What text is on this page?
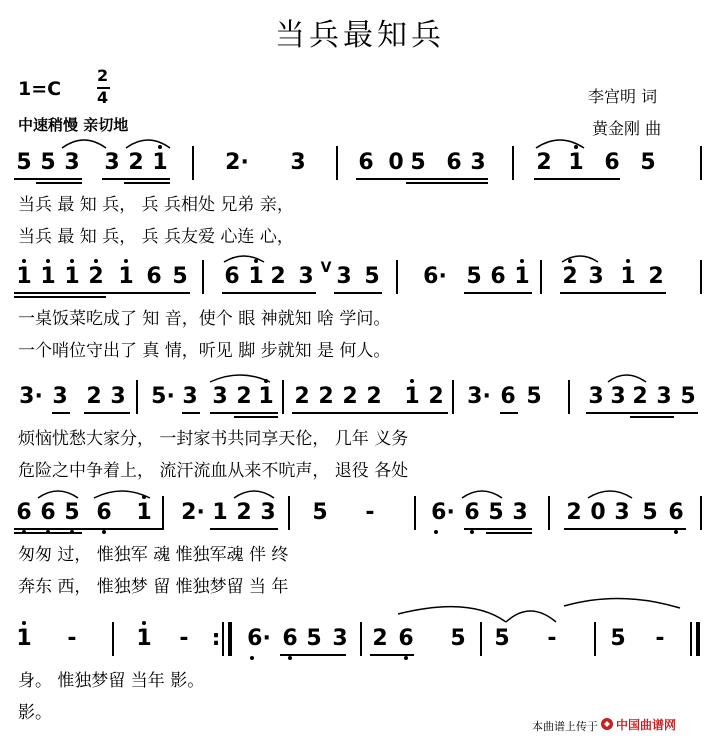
当兵最知兵
1=C
2
4
中速稍慢 亲切地
李宫明 词
黄金刚 曲
5 5 3 3 2 1	2· 3 6 0 5 6 3 2 1 6 5
当兵 最 知 兵， 兵 兵相处 兄弟 亲，
当兵 最 知 兵， 兵 兵友爱 心连 心，
1 1 1 2 1 6 5 6 1 2 3 V 3 5 6· 5 6 1 2 3 1 2
一桌饭菜吃成了 知 音，使个 眼 神就知 啥 学问。
一个哨位守出了 真 情，听见 脚 步就知 是 何人。
3· 3 2 3 5· 3 3 2 1 2 2 2 2 1 2 3· 6 5 3 3 2 3 5
烦恼忧愁大家分， 一封家书共同享天伦， 几年 义务
危险之中争着上， 流汗流血从来不吭声， 退役 各处
6 6 5 6 1 2· 1 2 3 5 -	6· 6 5 3 2 0 3 5 6
匆匆 过， 惟独军 魂 惟独军魂 伴 终
奔东 西， 惟独梦 留 惟独梦留 当 年
1 -	1 - : 6· 6 5 3 2 6 5 5 - 5 -
身。 惟独梦留 当年 影。
影。
本曲谱上传于 中国曲谱网
